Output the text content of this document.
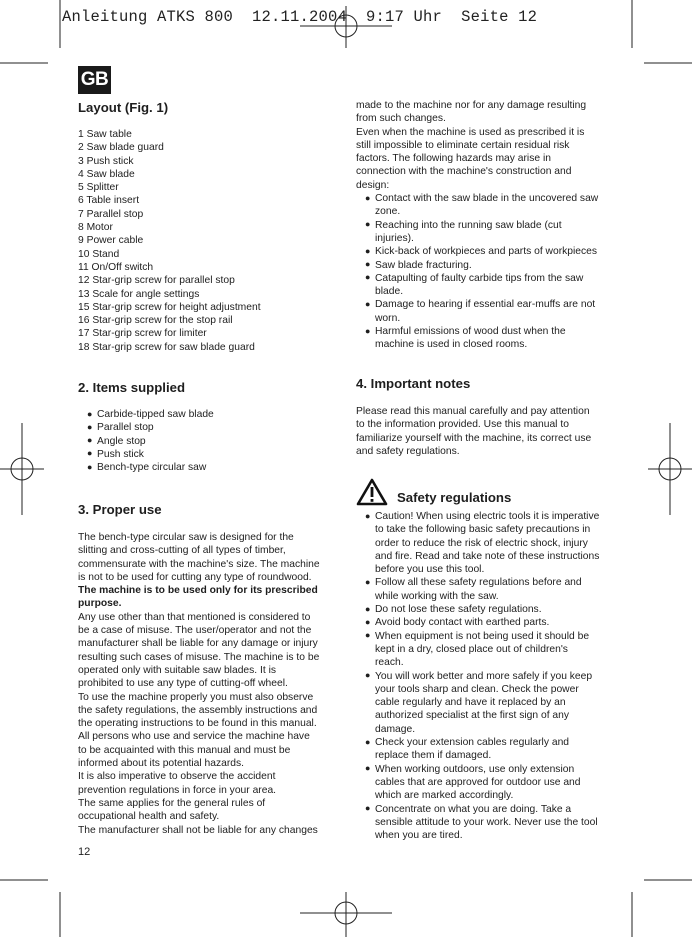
Anleitung ATKS 800  12.11.2004  9:17 Uhr  Seite 12
GB
Layout (Fig. 1)
1 Saw table
2 Saw blade guard
3 Push stick
4 Saw blade
5 Splitter
6 Table insert
7 Parallel stop
8 Motor
9 Power cable
10 Stand
11 On/Off switch
12 Star-grip screw for parallel stop
13 Scale for angle settings
15 Star-grip screw for height adjustment
16 Star-grip screw for the stop rail
17 Star-grip screw for limiter
18 Star-grip screw for saw blade guard
2. Items supplied
●Carbide-tipped saw blade
●Parallel stop
●Angle stop
●Push stick
●Bench-type circular saw
3. Proper use
The bench-type circular saw is designed for the
slitting and cross-cutting of all types of timber,
commensurate with the machine's size. The machine
is not to be used for cutting any type of roundwood.
The machine is to be used only for its prescribed
purpose.
Any use other than that mentioned is considered to
be a case of misuse. The user/operator and not the
manufacturer shall be liable for any damage or injury
resulting such cases of misuse. The machine is to be
operated only with suitable saw blades. It is
prohibited to use any type of cutting-off wheel.
To use the machine properly you must also observe
the safety regulations, the assembly instructions and
the operating instructions to be found in this manual.
All persons who use and service the machine have
to be acquainted with this manual and must be
informed about its potential hazards.
It is also imperative to observe the accident
prevention regulations in force in your area.
The same applies for the general rules of
occupational health and safety.
The manufacturer shall not be liable for any changes
12
made to the machine nor for any damage resulting
from such changes.
Even when the machine is used as prescribed it is
still impossible to eliminate certain residual risk
factors. The following hazards may arise in
connection with the machine's construction and
design:
●Contact with the saw blade in the uncovered saw
zone.
●Reaching into the running saw blade (cut
injuries).
●Kick-back of workpieces and parts of workpieces
●Saw blade fracturing.
●Catapulting of faulty carbide tips from the saw
blade.
●Damage to hearing if essential ear-muffs are not
worn.
●Harmful emissions of wood dust when the
machine is used in closed rooms.
4. Important notes
Please read this manual carefully and pay attention
to the information provided. Use this manual to
familiarize yourself with the machine, its correct use
and safety regulations.
Safety regulations
●Caution! When using electric tools it is imperative
to take the following basic safety precautions in
order to reduce the risk of electric shock, injury
and fire. Read and take note of these instructions
before you use this tool.
●Follow all these safety regulations before and
while working with the saw.
●Do not lose these safety regulations.
●Avoid body contact with earthed parts.
●When equipment is not being used it should be
kept in a dry, closed place out of children's
reach.
●You will work better and more safely if you keep
your tools sharp and clean. Check the power
cable regularly and have it replaced by an
authorized specialist at the first sign of any
damage.
●Check your extension cables regularly and
replace them if damaged.
●When working outdoors, use only extension
cables that are approved for outdoor use and
which are marked accordingly.
●Concentrate on what you are doing. Take a
sensible attitude to your work. Never use the tool
when you are tired.
